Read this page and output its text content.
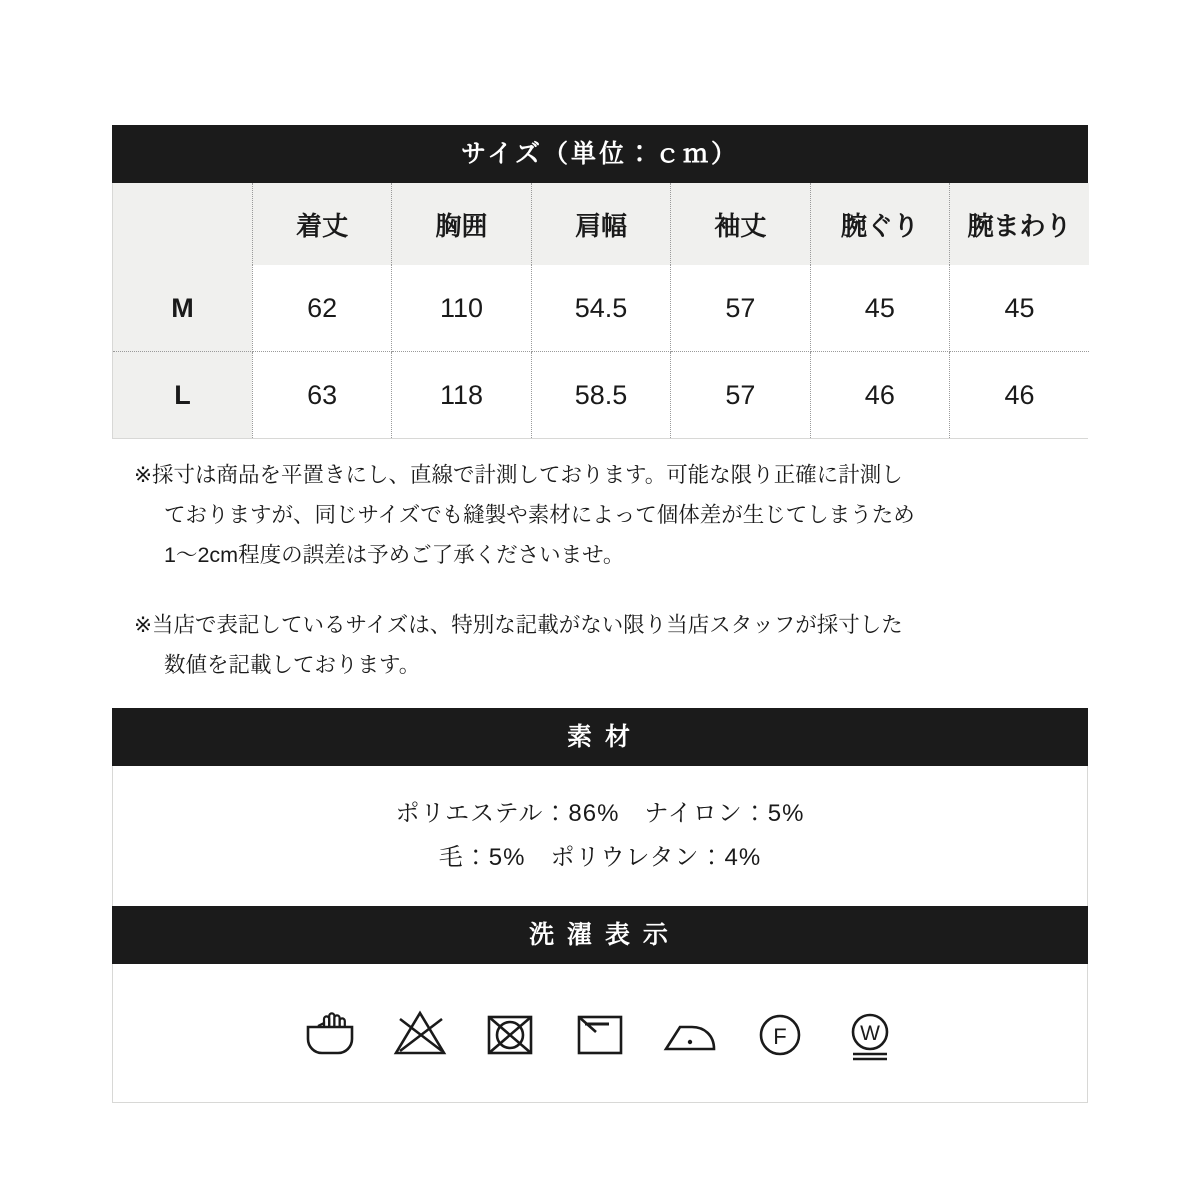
サイズ（単位：ｃｍ）
	着丈	胸囲	肩幅	袖丈	腕ぐり	腕まわり
M	62	110	54.5	57	45	45
L	63	118	58.5	57	46	46

※採寸は商品を平置きにし、直線で計測しております。可能な限り正確に計測し

ておりますが、同じサイズでも縫製や素材によって個体差が生じてしまうため

1〜2cm程度の誤差は予めご了承くださいませ。

※当店で表記しているサイズは、特別な記載がない限り当店スタッフが採寸した

数値を記載しております。

素 材
ポリエステル：86%　ナイロン：5%
毛：5%　ポリウレタン：4%
洗 濯 表 示
F	W
